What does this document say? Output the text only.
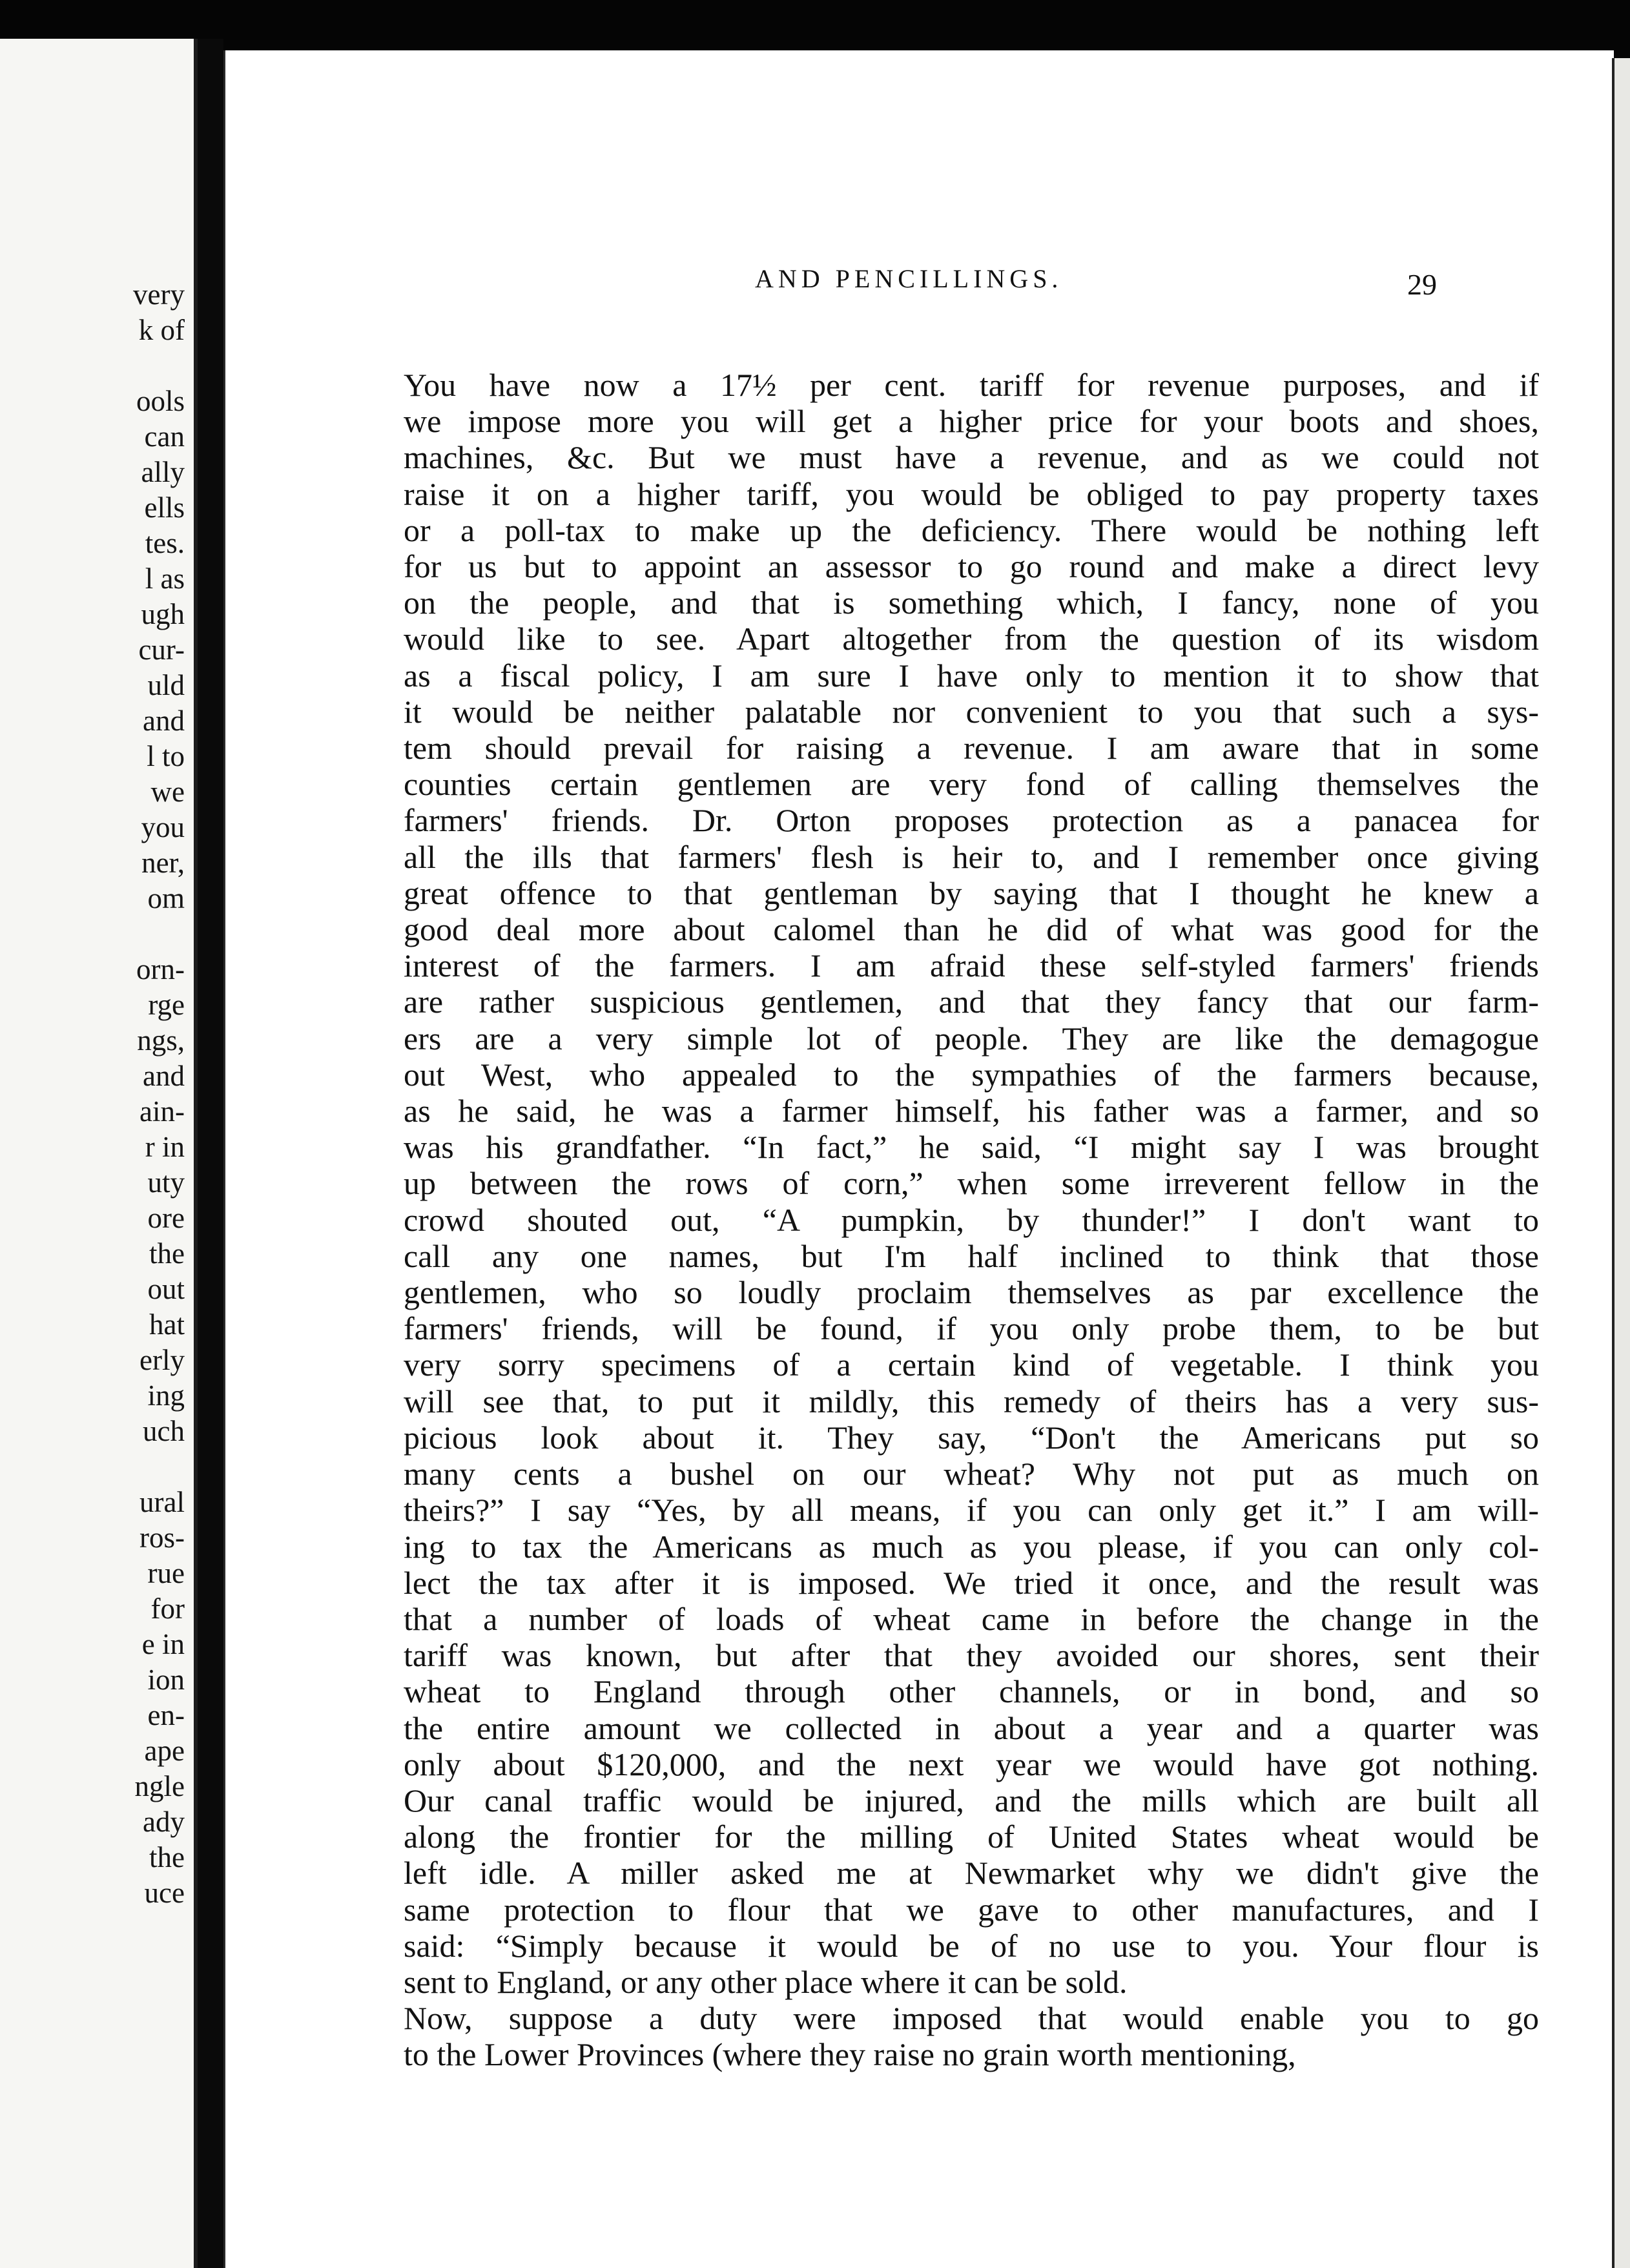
very
k of
ools
can
ally
ells
tes.
l as
ugh
cur-
uld
and
l to
we
you
ner,
om
orn-
rge
ngs,
and
ain-
r in
uty
ore
the
out
hat
erly
ing
uch
ural
ros-
rue
for
e in
ion
en-
ape
ngle
ady
the
uce
AND PENCILLINGS.	29

You have now a 17½ per cent. tariff for revenue purposes, and if
we impose more you will get a higher price for your boots and shoes,
machines, &c. But we must have a revenue, and as we could not
raise it on a higher tariff, you would be obliged to pay property taxes
or a poll-tax to make up the deficiency. There would be nothing left
for us but to appoint an assessor to go round and make a direct levy
on the people, and that is something which, I fancy, none of you
would like to see. Apart altogether from the question of its wisdom
as a fiscal policy, I am sure I have only to mention it to show that
it would be neither palatable nor convenient to you that such a sys-
tem should prevail for raising a revenue. I am aware that in some
counties certain gentlemen are very fond of calling themselves the
farmers' friends. Dr. Orton proposes protection as a panacea for
all the ills that farmers' flesh is heir to, and I remember once giving
great offence to that gentleman by saying that I thought he knew a
good deal more about calomel than he did of what was good for the
interest of the farmers. I am afraid these self-styled farmers' friends
are rather suspicious gentlemen, and that they fancy that our farm-
ers are a very simple lot of people. They are like the demagogue
out West, who appealed to the sympathies of the farmers because,
as he said, he was a farmer himself, his father was a farmer, and so
was his grandfather. “In fact,” he said, “I might say I was brought
up between the rows of corn,” when some irreverent fellow in the
crowd shouted out, “A pumpkin, by thunder!” I don't want to
call any one names, but I'm half inclined to think that those
gentlemen, who so loudly proclaim themselves as par excellence the
farmers' friends, will be found, if you only probe them, to be but
very sorry specimens of a certain kind of vegetable. I think you
will see that, to put it mildly, this remedy of theirs has a very sus-
picious look about it. They say, “Don't the Americans put so
many cents a bushel on our wheat? Why not put as much on
theirs?” I say “Yes, by all means, if you can only get it.” I am will-
ing to tax the Americans as much as you please, if you can only col-
lect the tax after it is imposed. We tried it once, and the result was
that a number of loads of wheat came in before the change in the
tariff was known, but after that they avoided our shores, sent their
wheat to England through other channels, or in bond, and so
the entire amount we collected in about a year and a quarter was
only about $120,000, and the next year we would have got nothing.
Our canal traffic would be injured, and the mills which are built all
along the frontier for the milling of United States wheat would be
left idle. A miller asked me at Newmarket why we didn't give the
same protection to flour that we gave to other manufactures, and I
said: “Simply because it would be of no use to you. Your flour is
sent to England, or any other place where it can be sold.

Now, suppose a duty were imposed that would enable you to go
to the Lower Provinces (where they raise no grain worth mentioning,
